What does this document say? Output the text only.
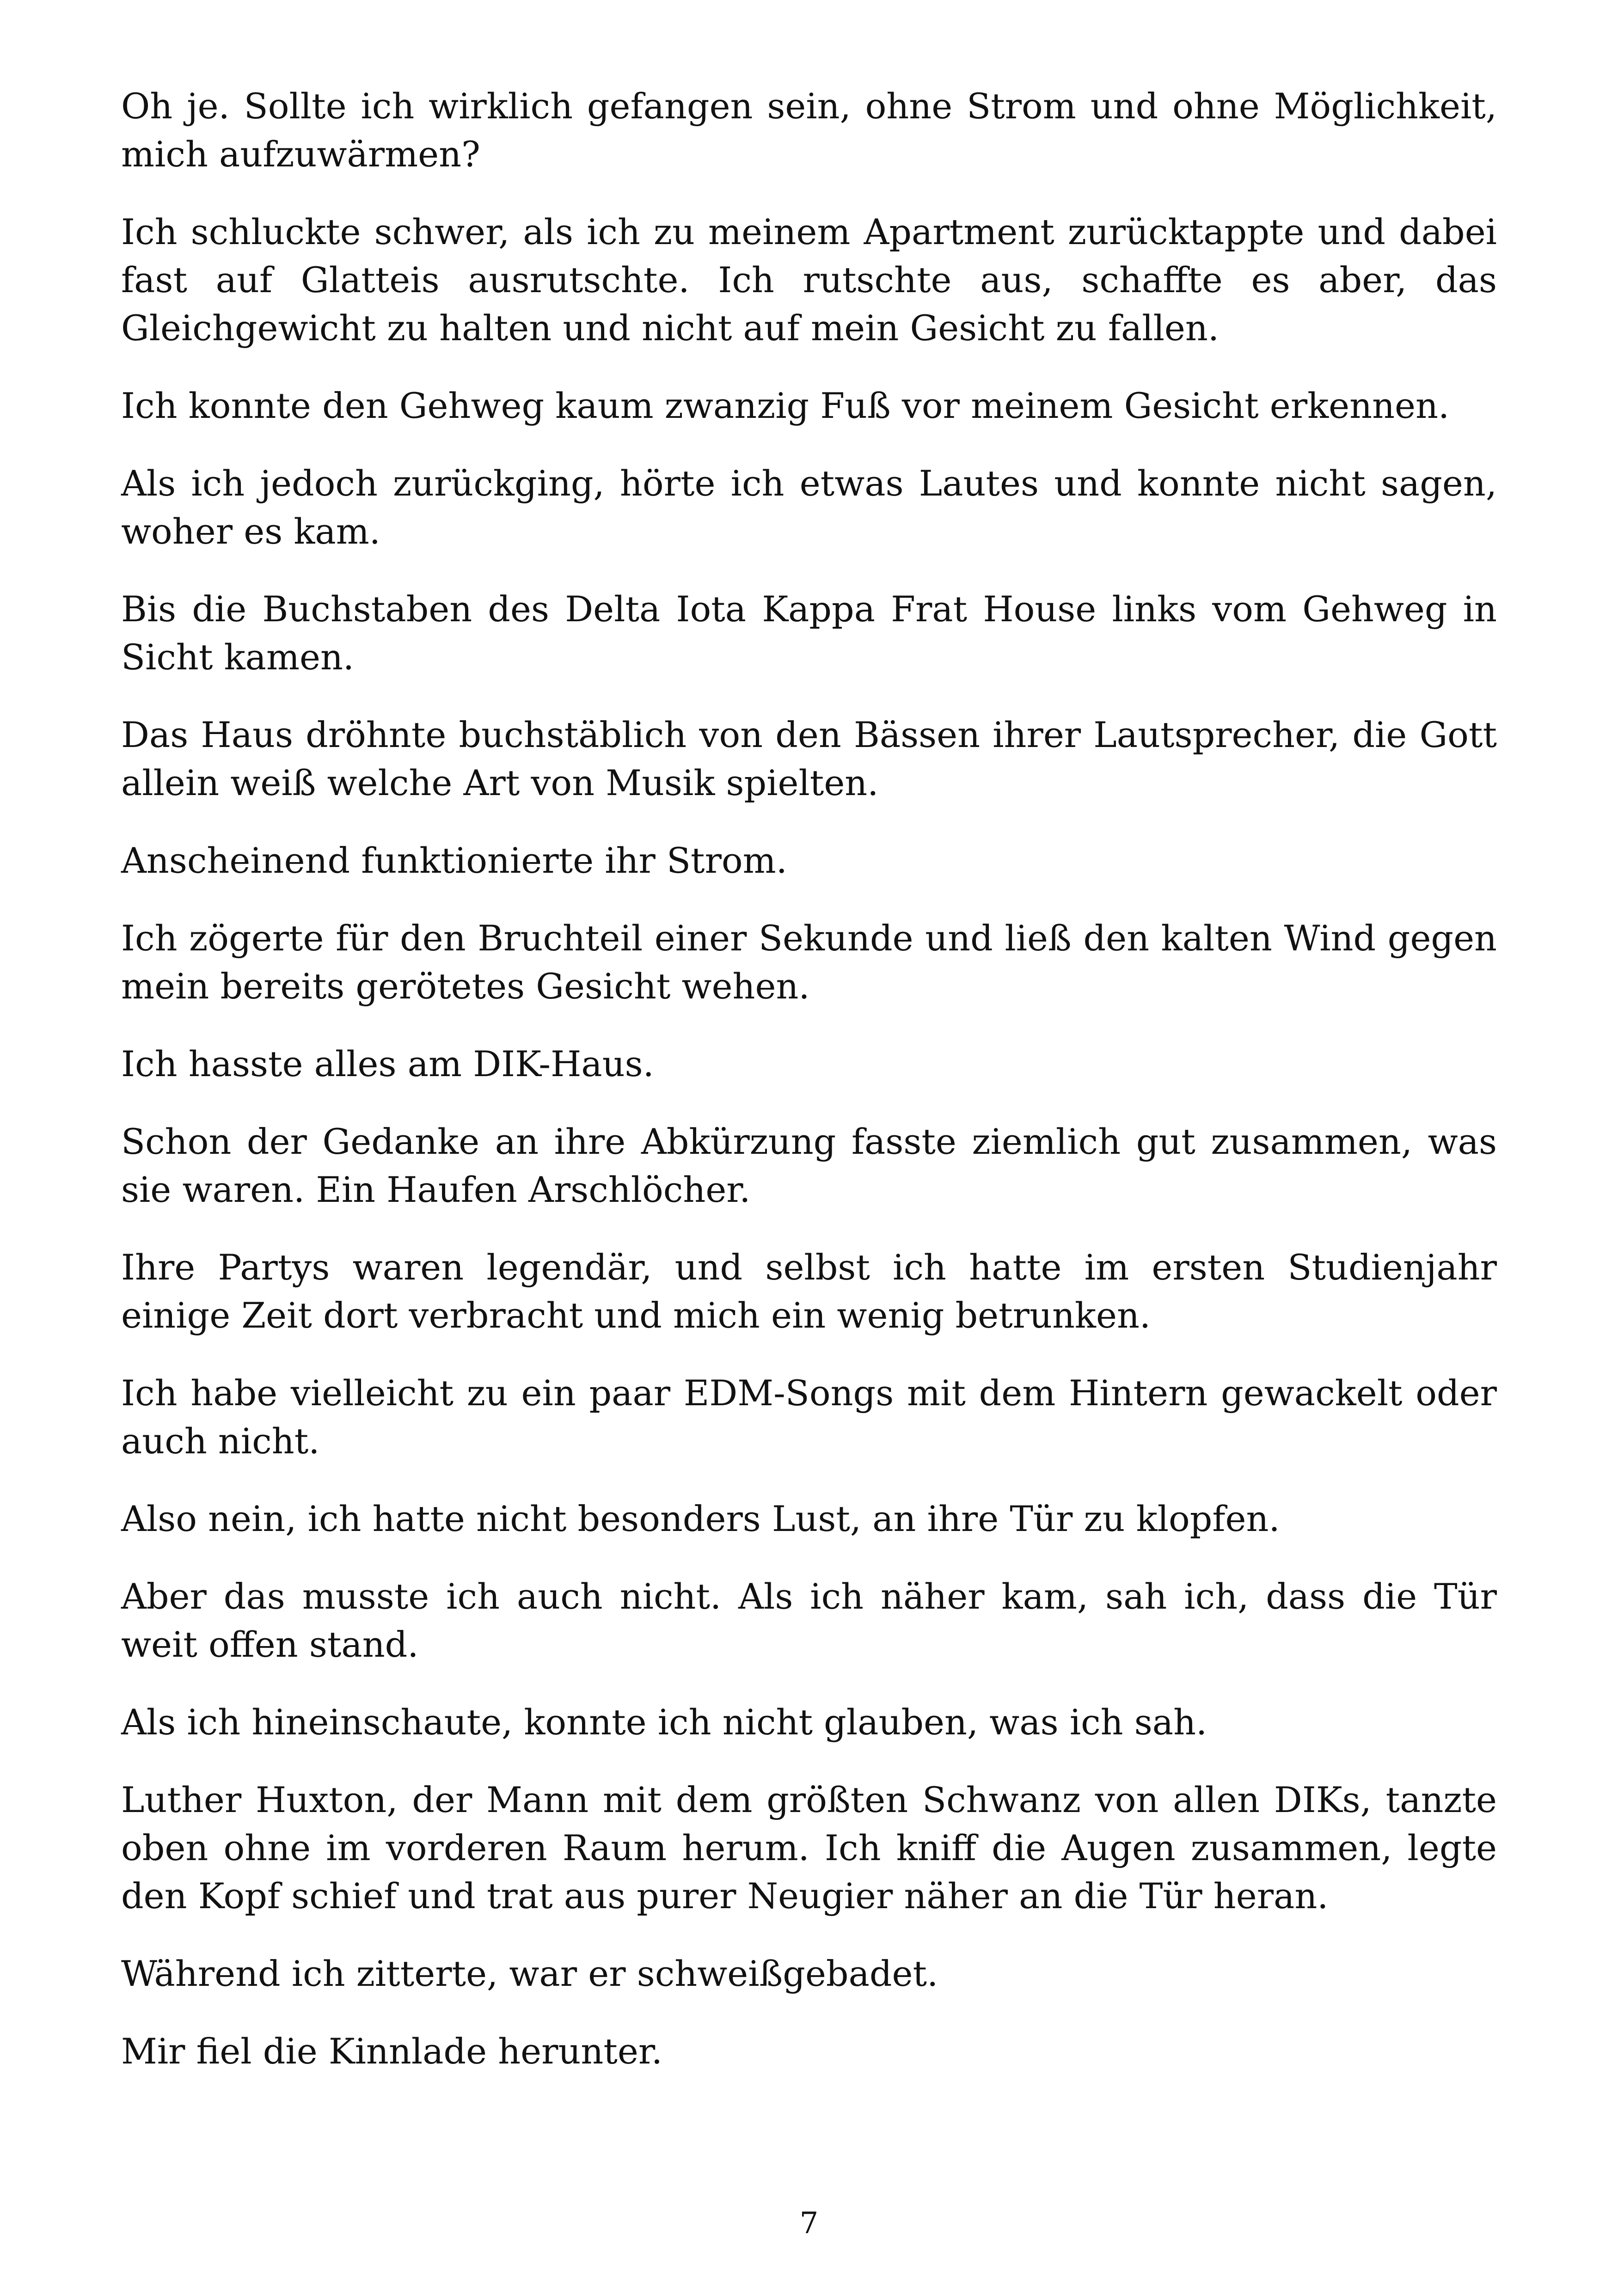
Oh je. Sollte ich wirklich gefangen sein, ohne Strom und ohne Möglichkeit, mich aufzuwärmen?

Ich schluckte schwer, als ich zu meinem Apartment zurücktappte und dabei fast auf Glatteis ausrutschte. Ich rutschte aus, schaffte es aber, das Gleichgewicht zu halten und nicht auf mein Gesicht zu fallen.

Ich konnte den Gehweg kaum zwanzig Fuß vor meinem Gesicht erkennen.

Als ich jedoch zurückging, hörte ich etwas Lautes und konnte nicht sagen, woher es kam.

Bis die Buchstaben des Delta Iota Kappa Frat House links vom Gehweg in Sicht kamen.

Das Haus dröhnte buchstäblich von den Bässen ihrer Lautsprecher, die Gott allein weiß welche Art von Musik spielten.

Anscheinend funktionierte ihr Strom.

Ich zögerte für den Bruchteil einer Sekunde und ließ den kalten Wind gegen mein bereits gerötetes Gesicht wehen.

Ich hasste alles am DIK-Haus.

Schon der Gedanke an ihre Abkürzung fasste ziemlich gut zusammen, was sie waren. Ein Haufen Arschlöcher.

Ihre Partys waren legendär, und selbst ich hatte im ersten Studienjahr einige Zeit dort verbracht und mich ein wenig betrunken.

Ich habe vielleicht zu ein paar EDM-Songs mit dem Hintern gewackelt oder auch nicht.

Also nein, ich hatte nicht besonders Lust, an ihre Tür zu klopfen.

Aber das musste ich auch nicht. Als ich näher kam, sah ich, dass die Tür weit offen stand.

Als ich hineinschaute, konnte ich nicht glauben, was ich sah.

Luther Huxton, der Mann mit dem größten Schwanz von allen DIKs, tanzte oben ohne im vorderen Raum herum. Ich kniff die Augen zusammen, legte den Kopf schief und trat aus purer Neugier näher an die Tür heran.

Während ich zitterte, war er schweißgebadet.

Mir fiel die Kinnlade herunter.

7
